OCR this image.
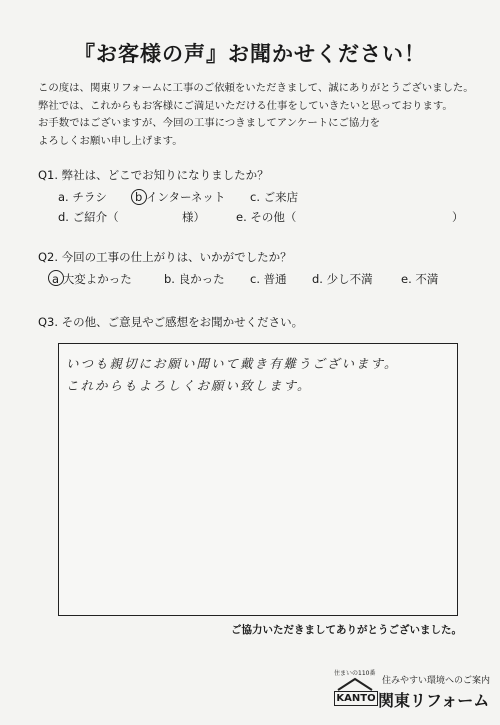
『お客様の声』お聞かせください！
この度は、関東リフォームに工事のご依頼をいただきまして、誠にありがとうございました。
弊社では、これからもお客様にご満足いただける仕事をしていきたいと思っております。
お手数ではございますが、今回の工事につきましてアンケートにご協力を
よろしくお願い申し上げます。
Q1. 弊社は、どこでお知りになりましたか？
a. チラシ b インターネット c. ご来店
d. ご紹介（	様）	e. その他（	）
Q2. 今回の工事の仕上がりは、いかがでしたか？
a 大変よかった	b. 良かった c. 普通 d. 少し不満 e. 不満
Q3. その他、ご意見やご感想をお聞かせください。
いつも親切にお願い聞いて戴き有難うございます。
これからもよろしくお願い致します。
ご協力いただきましてありがとうございました。
住まいの110番
KANTO
住みやすい環境へのご案内
関東リフォーム
